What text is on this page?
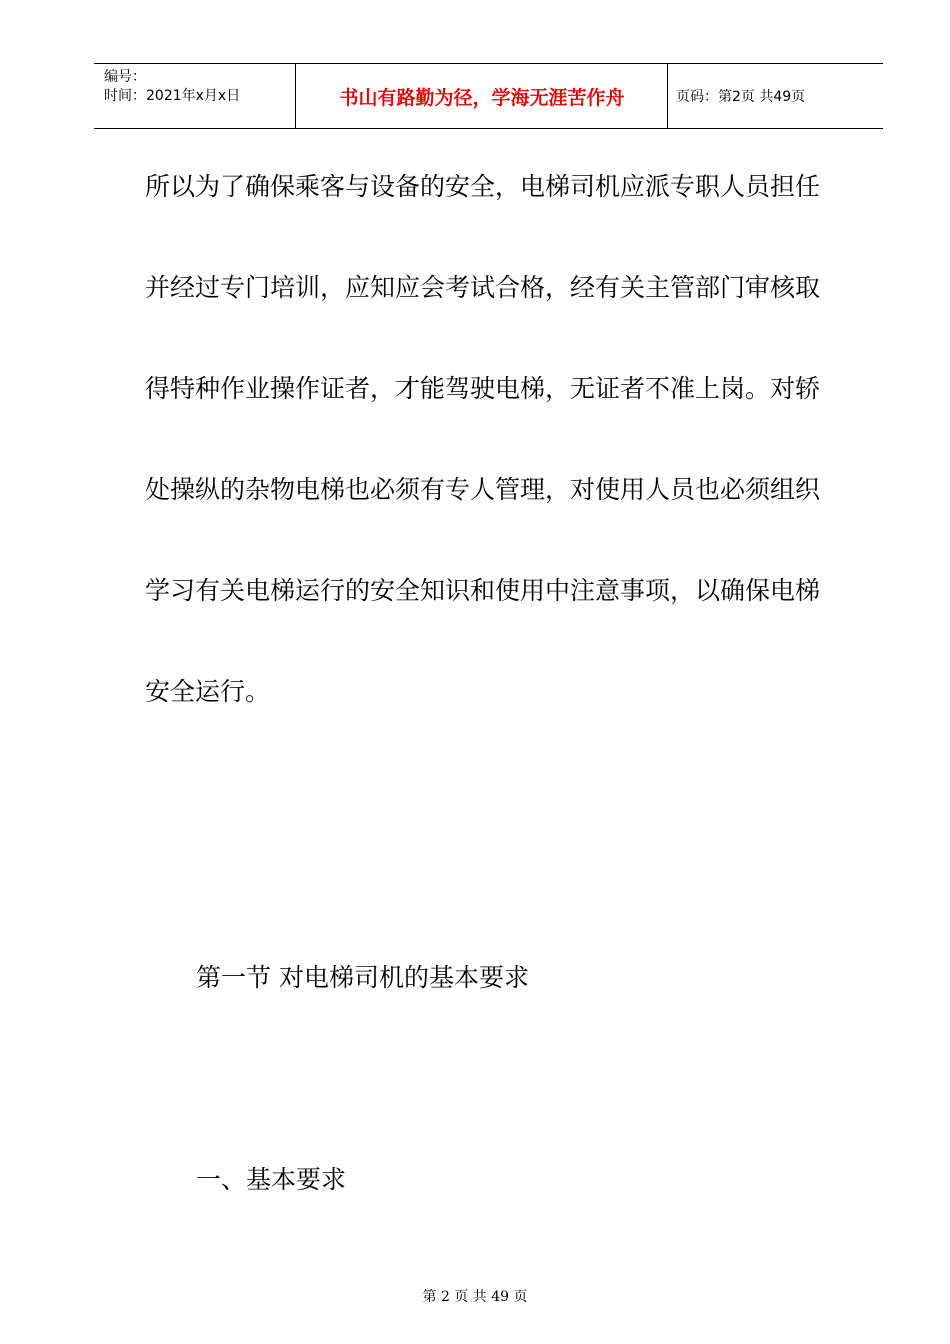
编号：
时间：2021年x月x日	书山有路勤为径，学海无涯苦作舟	页码：第2页 共49页
所以为了确保乘客与设备的安全，电梯司机应派专职人员担任
并经过专门培训，应知应会考试合格，经有关主管部门审核取
得特种作业操作证者，才能驾驶电梯，无证者不准上岗。对轿
处操纵的杂物电梯也必须有专人管理，对使用人员也必须组织
学习有关电梯运行的安全知识和使用中注意事项，以确保电梯
安全运行。
第一节 对电梯司机的基本要求
一、基本要求
第 2 页 共 49 页
